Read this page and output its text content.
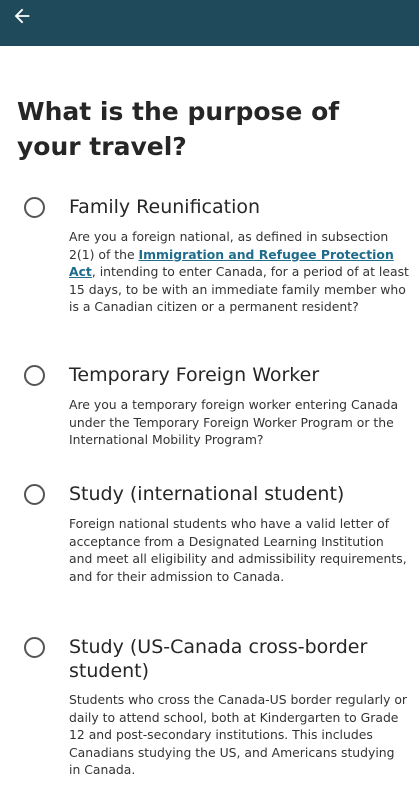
What is the purpose of your travel?
Family Reunification
Are you a foreign national, as defined in subsection 2(1) of the Immigration and Refugee Protection Act, intending to enter Canada, for a period of at least 15 days, to be with an immediate family member who is a Canadian citizen or a permanent resident?
Temporary Foreign Worker
Are you a temporary foreign worker entering Canada under the Temporary Foreign Worker Program or the International Mobility Program?
Study (international student)
Foreign national students who have a valid letter of acceptance from a Designated Learning Institution and meet all eligibility and admissibility requirements, and for their admission to Canada.
Study (US-Canada cross-border student)
Students who cross the Canada-US border regularly or daily to attend school, both at Kindergarten to Grade 12 and post-secondary institutions. This includes Canadians studying the US, and Americans studying in Canada.
